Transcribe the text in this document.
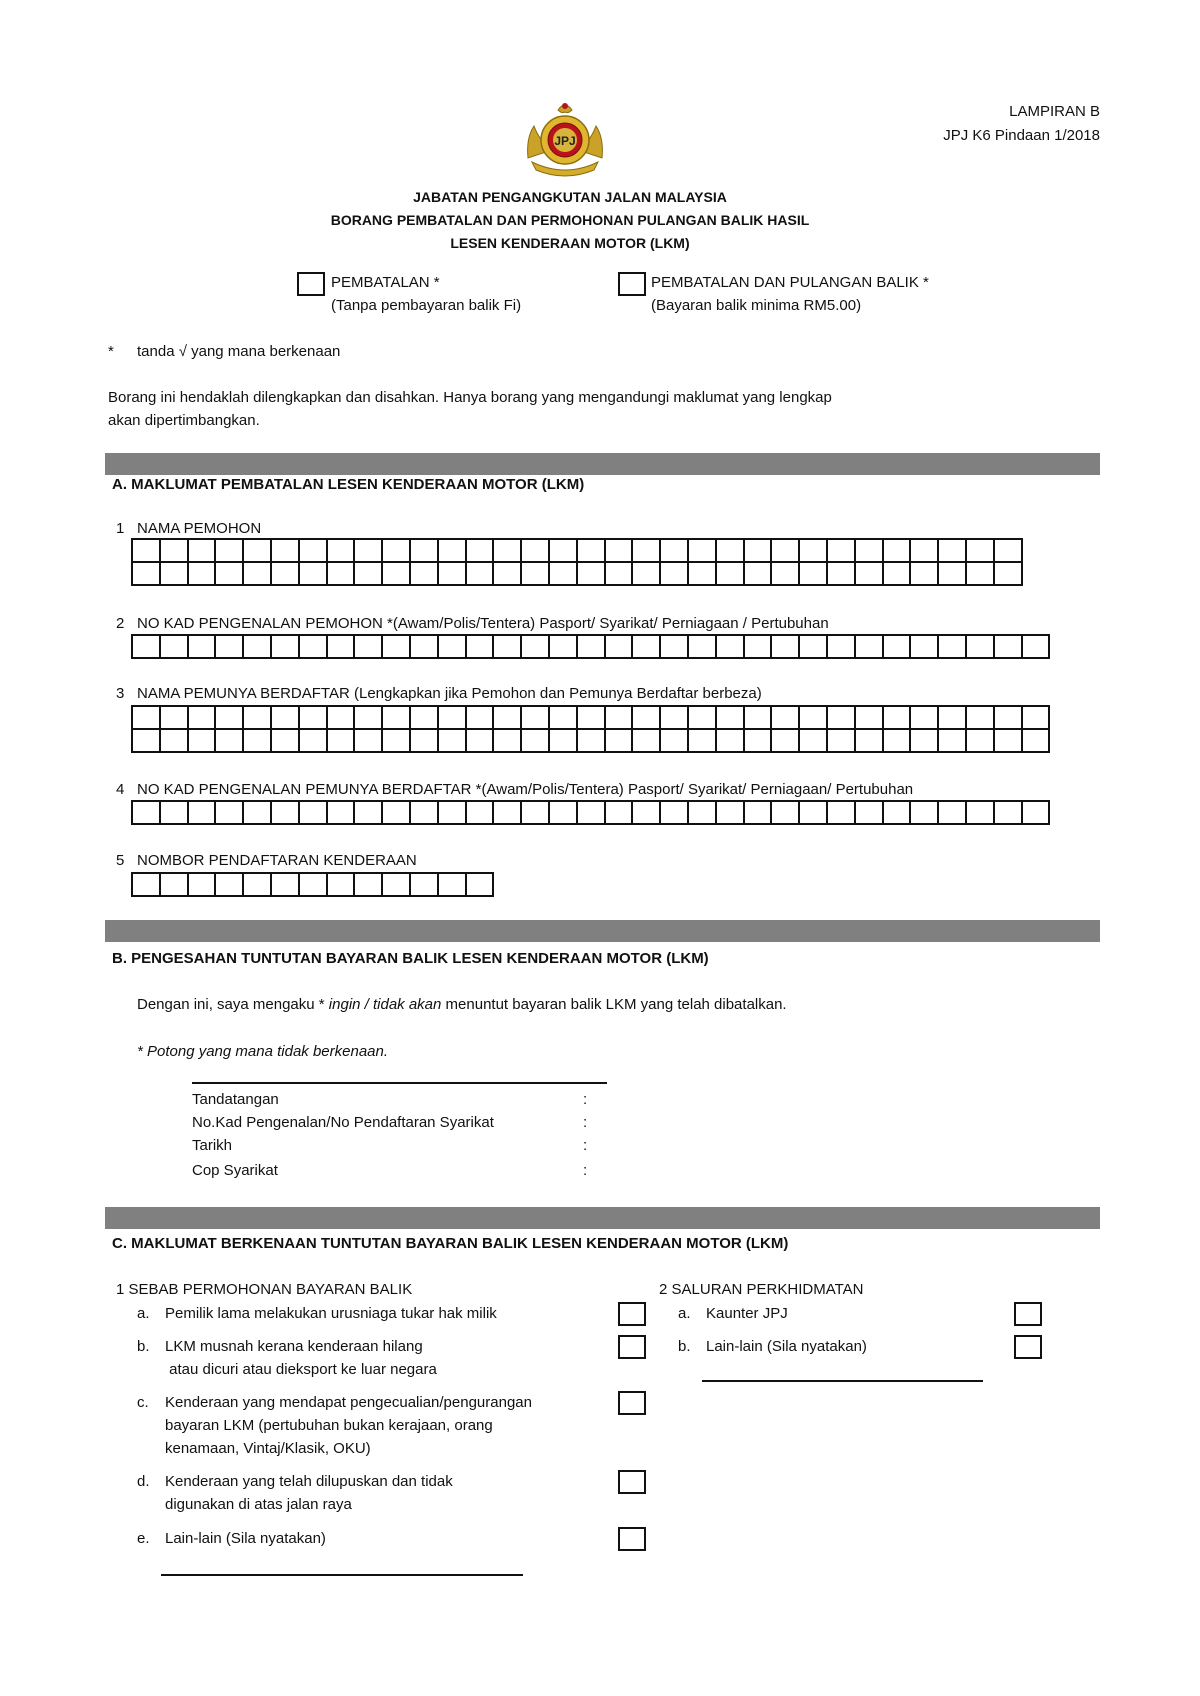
LAMPIRAN B
JPJ K6 Pindaan 1/2018
JPJ
JABATAN PENGANGKUTAN JALAN MALAYSIA
BORANG PEMBATALAN DAN PERMOHONAN PULANGAN BALIK HASIL
LESEN KENDERAAN MOTOR (LKM)
PEMBATALAN *
(Tanpa pembayaran balik Fi)
PEMBATALAN DAN PULANGAN BALIK *
(Bayaran balik minima RM5.00)
* tanda √ yang mana berkenaan
Borang ini hendaklah dilengkapkan dan disahkan. Hanya borang yang mengandungi maklumat yang lengkap
akan dipertimbangkan.
A. MAKLUMAT PEMBATALAN LESEN KENDERAAN MOTOR (LKM)
1 NAMA PEMOHON
2 NO KAD PENGENALAN PEMOHON *(Awam/Polis/Tentera) Pasport/ Syarikat/ Perniagaan / Pertubuhan
3 NAMA PEMUNYA BERDAFTAR (Lengkapkan jika Pemohon dan Pemunya Berdaftar berbeza)
4 NO KAD PENGENALAN PEMUNYA BERDAFTAR *(Awam/Polis/Tentera) Pasport/ Syarikat/ Perniagaan/ Pertubuhan
5 NOMBOR PENDAFTARAN KENDERAAN
B. PENGESAHAN TUNTUTAN BAYARAN BALIK LESEN KENDERAAN MOTOR (LKM)
Dengan ini, saya mengaku * ingin / tidak akan menuntut bayaran balik LKM yang telah dibatalkan.
* Potong yang mana tidak berkenaan.
Tandatangan	:
No.Kad Pengenalan/No Pendaftaran Syarikat	:
Tarikh	:
Cop Syarikat	:
C. MAKLUMAT BERKENAAN TUNTUTAN BAYARAN BALIK LESEN KENDERAAN MOTOR (LKM)
1 SEBAB PERMOHONAN BAYARAN BALIK
a. Pemilik lama melakukan urusniaga tukar hak milik
b. LKM musnah kerana kenderaan hilang
atau dicuri atau dieksport ke luar negara
c. Kenderaan yang mendapat pengecualian/pengurangan
bayaran LKM (pertubuhan bukan kerajaan, orang
kenamaan, Vintaj/Klasik, OKU)
d. Kenderaan yang telah dilupuskan dan tidak
digunakan di atas jalan raya
e. Lain-lain (Sila nyatakan)
2 SALURAN PERKHIDMATAN
a. Kaunter JPJ
b. Lain-lain (Sila nyatakan)
